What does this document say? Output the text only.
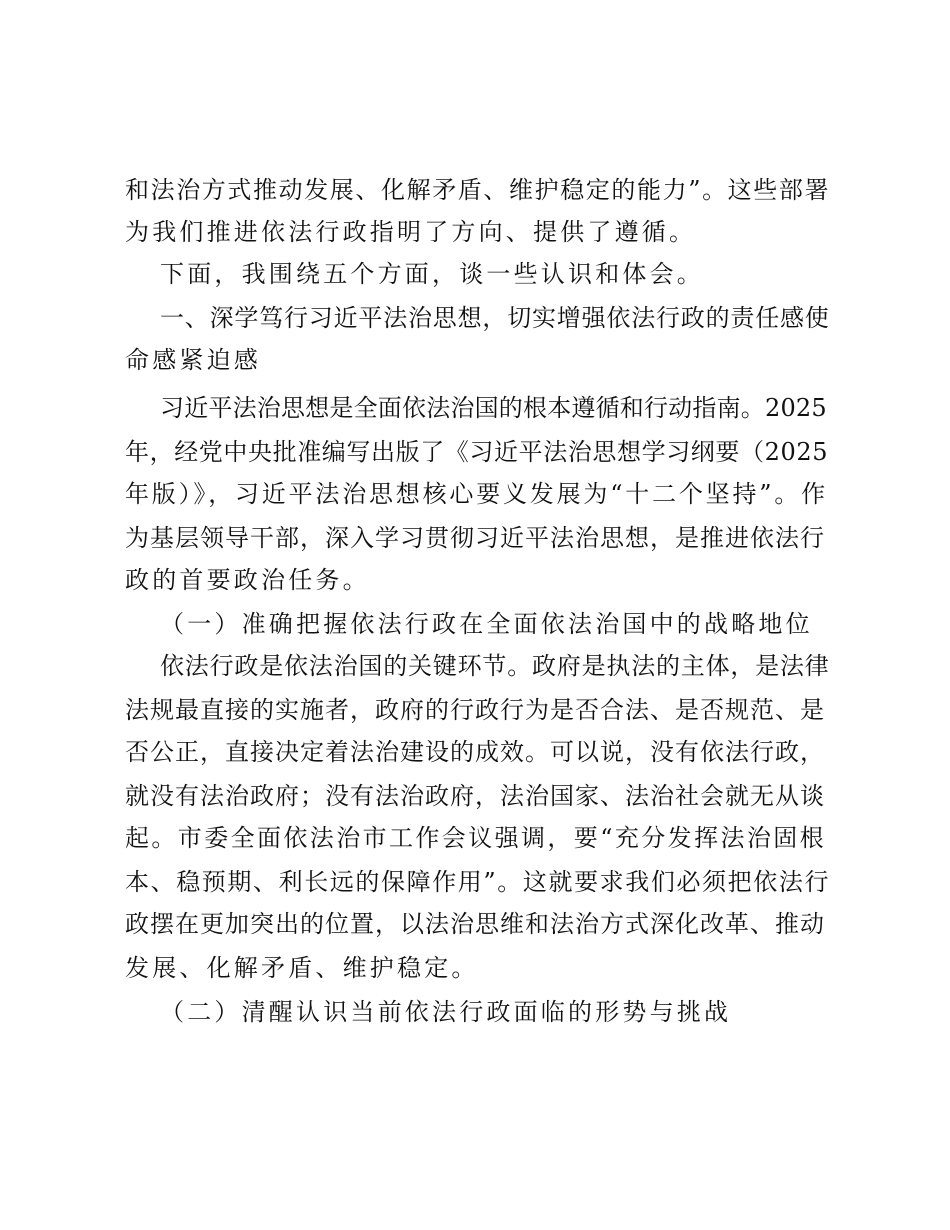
和法治方式推动发展、化解矛盾、维护稳定的能力”。这些部署
为我们推进依法行政指明了方向、提供了遵循。
下面，我围绕五个方面，谈一些认识和体会。
一、深学笃行习近平法治思想，切实增强依法行政的责任感使
命感紧迫感
习近平法治思想是全面依法治国的根本遵循和行动指南。2025
年，经党中央批准编写出版了《习近平法治思想学习纲要（2025
年版）》，习近平法治思想核心要义发展为“十二个坚持”。作
为基层领导干部，深入学习贯彻习近平法治思想，是推进依法行
政的首要政治任务。
（一）准确把握依法行政在全面依法治国中的战略地位
依法行政是依法治国的关键环节。政府是执法的主体，是法律
法规最直接的实施者，政府的行政行为是否合法、是否规范、是
否公正，直接决定着法治建设的成效。可以说，没有依法行政，
就没有法治政府；没有法治政府，法治国家、法治社会就无从谈
起。市委全面依法治市工作会议强调，要“充分发挥法治固根
本、稳预期、利长远的保障作用”。这就要求我们必须把依法行
政摆在更加突出的位置，以法治思维和法治方式深化改革、推动
发展、化解矛盾、维护稳定。
（二）清醒认识当前依法行政面临的形势与挑战
